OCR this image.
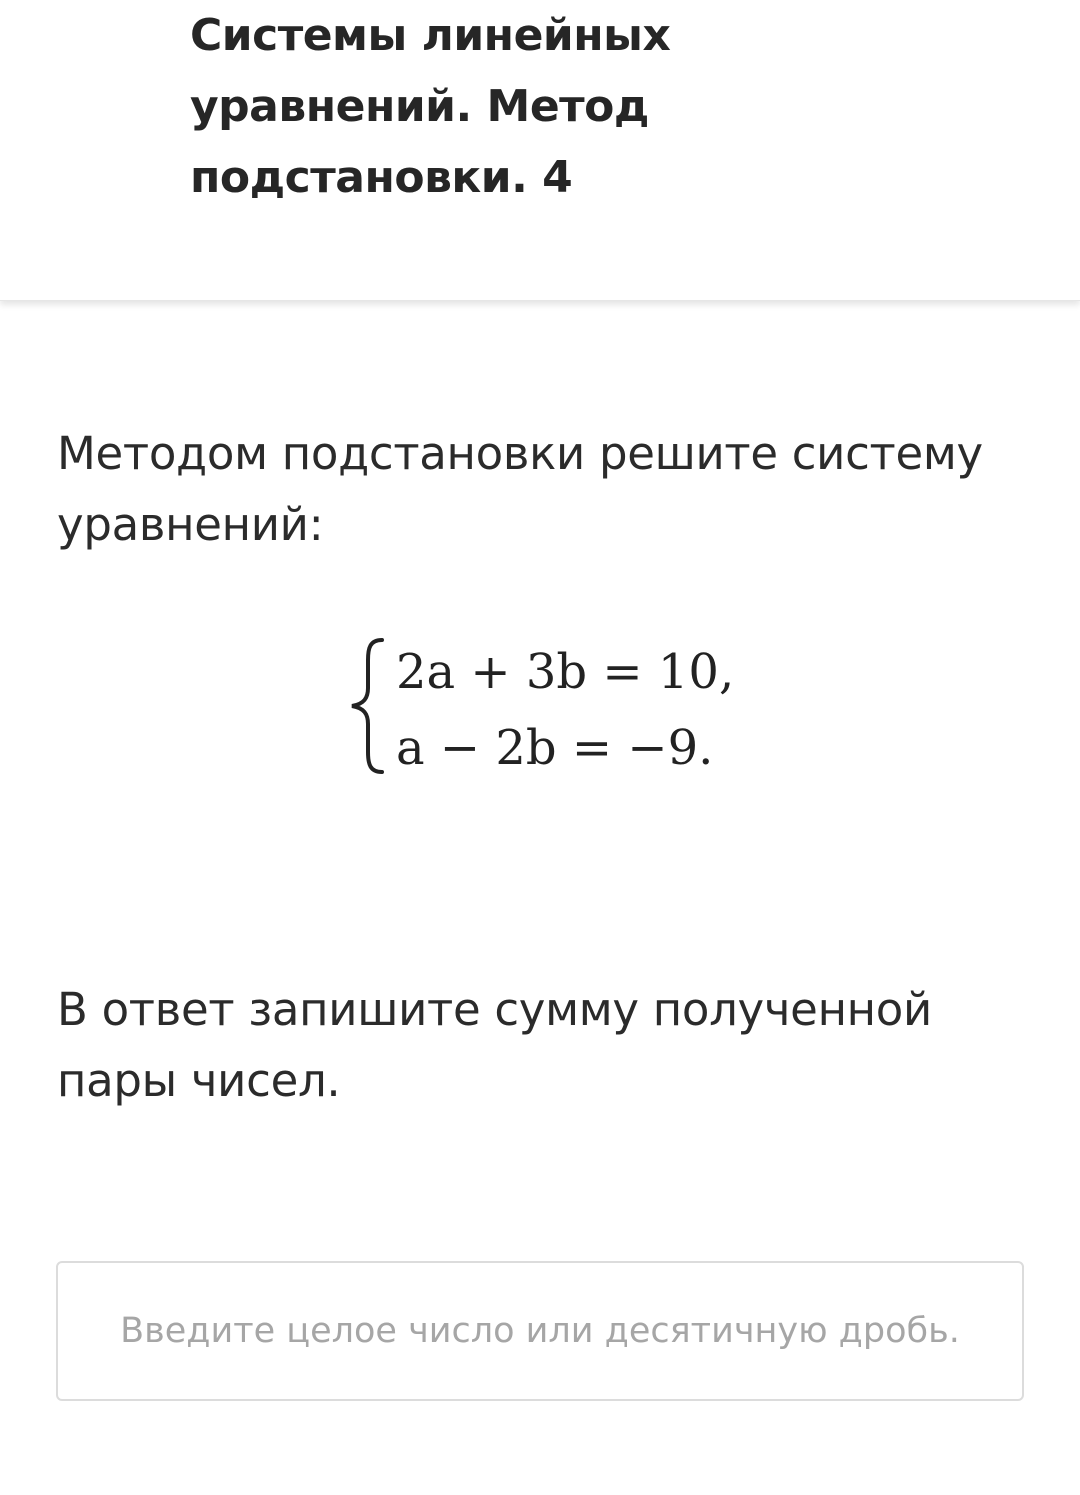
Системы линейных
уравнений. Метод
подстановки. 4

Методом подстановки решите систему
уравнений:

2a + 3b = 10,
a − 2b = −9.

В ответ запишите сумму полученной
пары чисел.

Введите целое число или десятичную дробь.
